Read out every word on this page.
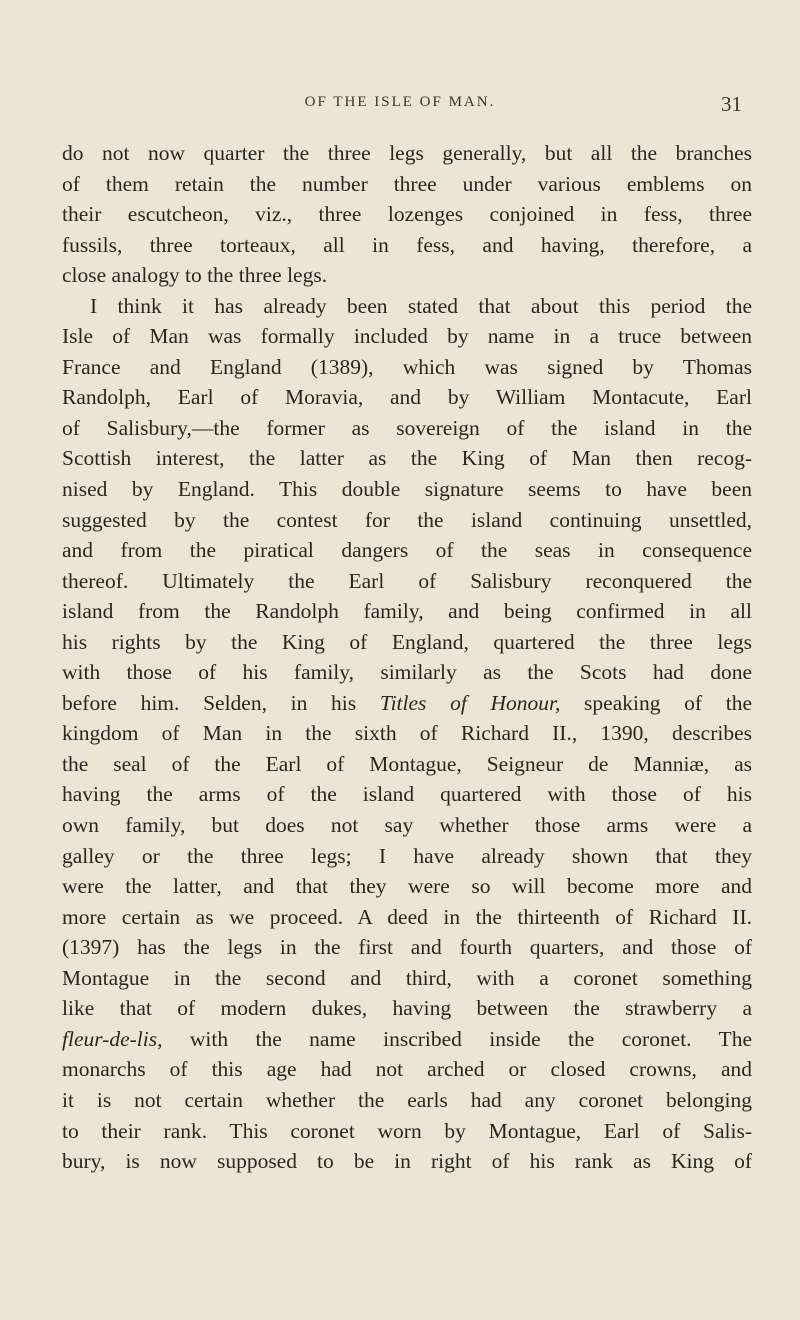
OF THE ISLE OF MAN.	31
do not now quarter the three legs generally, but all the branches
of them retain the number three under various emblems on
their escutcheon, viz., three lozenges conjoined in fess, three
fussils, three torteaux, all in fess, and having, therefore, a
close analogy to the three legs.
I think it has already been stated that about this period the
Isle of Man was formally included by name in a truce between
France and England (1389), which was signed by Thomas
Randolph, Earl of Moravia, and by William Montacute, Earl
of Salisbury,—the former as sovereign of the island in the
Scottish interest, the latter as the King of Man then recog-
nised by England. This double signature seems to have been
suggested by the contest for the island continuing unsettled,
and from the piratical dangers of the seas in consequence
thereof. Ultimately the Earl of Salisbury reconquered the
island from the Randolph family, and being confirmed in all
his rights by the King of England, quartered the three legs
with those of his family, similarly as the Scots had done
before him. Selden, in his Titles of Honour, speaking of the
kingdom of Man in the sixth of Richard II., 1390, describes
the seal of the Earl of Montague, Seigneur de Manniæ, as
having the arms of the island quartered with those of his
own family, but does not say whether those arms were a
galley or the three legs; I have already shown that they
were the latter, and that they were so will become more and
more certain as we proceed. A deed in the thirteenth of Richard II.
(1397) has the legs in the first and fourth quarters, and those of
Montague in the second and third, with a coronet something
like that of modern dukes, having between the strawberry a
fleur-de-lis, with the name inscribed inside the coronet. The
monarchs of this age had not arched or closed crowns, and
it is not certain whether the earls had any coronet belonging
to their rank. This coronet worn by Montague, Earl of Salis-
bury, is now supposed to be in right of his rank as King of
